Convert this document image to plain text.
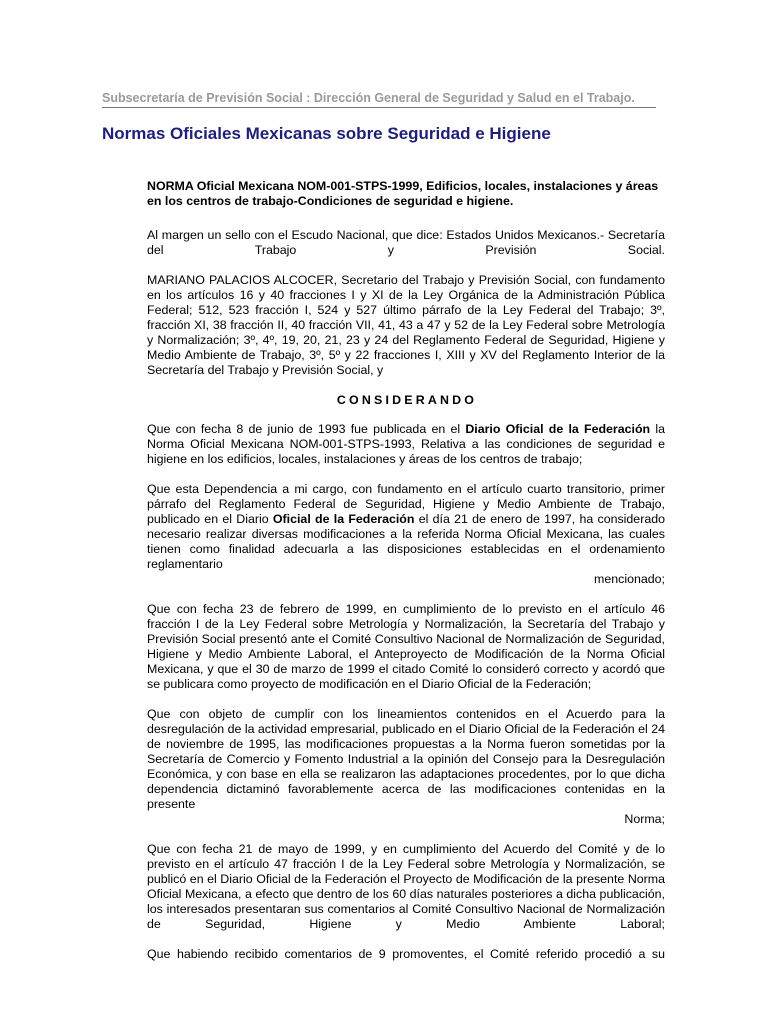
Subsecretaría de Previsión Social : Dirección General de Seguridad y Salud en el Trabajo.
Normas Oficiales Mexicanas sobre Seguridad e Higiene

NORMA Oficial Mexicana NOM-001-STPS-1999, Edificios, locales, instalaciones y áreas en los centros de trabajo-Condiciones de seguridad e higiene.

Al margen un sello con el Escudo Nacional, que dice: Estados Unidos Mexicanos.- Secretaría del Trabajo y Previsión Social.

MARIANO PALACIOS ALCOCER, Secretario del Trabajo y Previsión Social, con fundamento en los artículos 16 y 40 fracciones I y XI de la Ley Orgánica de la Administración Pública Federal; 512, 523 fracción I, 524 y 527 último párrafo de la Ley Federal del Trabajo; 3º, fracción XI, 38 fracción II, 40 fracción VII, 41, 43 a 47 y 52 de la Ley Federal sobre Metrología y Normalización; 3º, 4º, 19, 20, 21, 23 y 24 del Reglamento Federal de Seguridad, Higiene y Medio Ambiente de Trabajo, 3º, 5º y 22 fracciones I, XIII y XV del Reglamento Interior de la Secretaría del Trabajo y Previsión Social, y

CONSIDERANDO

Que con fecha 8 de junio de 1993 fue publicada en el Diario Oficial de la Federación la Norma Oficial Mexicana NOM-001-STPS-1993, Relativa a las condiciones de seguridad e higiene en los edificios, locales, instalaciones y áreas de los centros de trabajo;

Que esta Dependencia a mi cargo, con fundamento en el artículo cuarto transitorio, primer párrafo del Reglamento Federal de Seguridad, Higiene y Medio Ambiente de Trabajo, publicado en el Diario Oficial de la Federación el día 21 de enero de 1997, ha considerado necesario realizar diversas modificaciones a la referida Norma Oficial Mexicana, las cuales tienen como finalidad adecuarla a las disposiciones establecidas en el ordenamiento reglamentario
mencionado;

Que con fecha 23 de febrero de 1999, en cumplimiento de lo previsto en el artículo 46 fracción I de la Ley Federal sobre Metrología y Normalización, la Secretaría del Trabajo y Previsión Social presentó ante el Comité Consultivo Nacional de Normalización de Seguridad, Higiene y Medio Ambiente Laboral, el Anteproyecto de Modificación de la Norma Oficial Mexicana, y que el 30 de marzo de 1999 el citado Comité lo consideró correcto y acordó que se publicara como proyecto de modificación en el Diario Oficial de la Federación;

Que con objeto de cumplir con los lineamientos contenidos en el Acuerdo para la desregulación de la actividad empresarial, publicado en el Diario Oficial de la Federación el 24 de noviembre de 1995, las modificaciones propuestas a la Norma fueron sometidas por la Secretaría de Comercio y Fomento Industrial a la opinión del Consejo para la Desregulación Económica, y con base en ella se realizaron las adaptaciones procedentes, por lo que dicha dependencia dictaminó favorablemente acerca de las modificaciones contenidas en la presente
Norma;

Que con fecha 21 de mayo de 1999, y en cumplimiento del Acuerdo del Comité y de lo previsto en el artículo 47 fracción I de la Ley Federal sobre Metrología y Normalización, se publicó en el Diario Oficial de la Federación el Proyecto de Modificación de la presente Norma Oficial Mexicana, a efecto que dentro de los 60 días naturales posteriores a dicha publicación, los interesados presentaran sus comentarios al Comité Consultivo Nacional de Normalización de Seguridad, Higiene y Medio Ambiente Laboral;

Que habiendo recibido comentarios de 9 promoventes, el Comité referido procedió a su
